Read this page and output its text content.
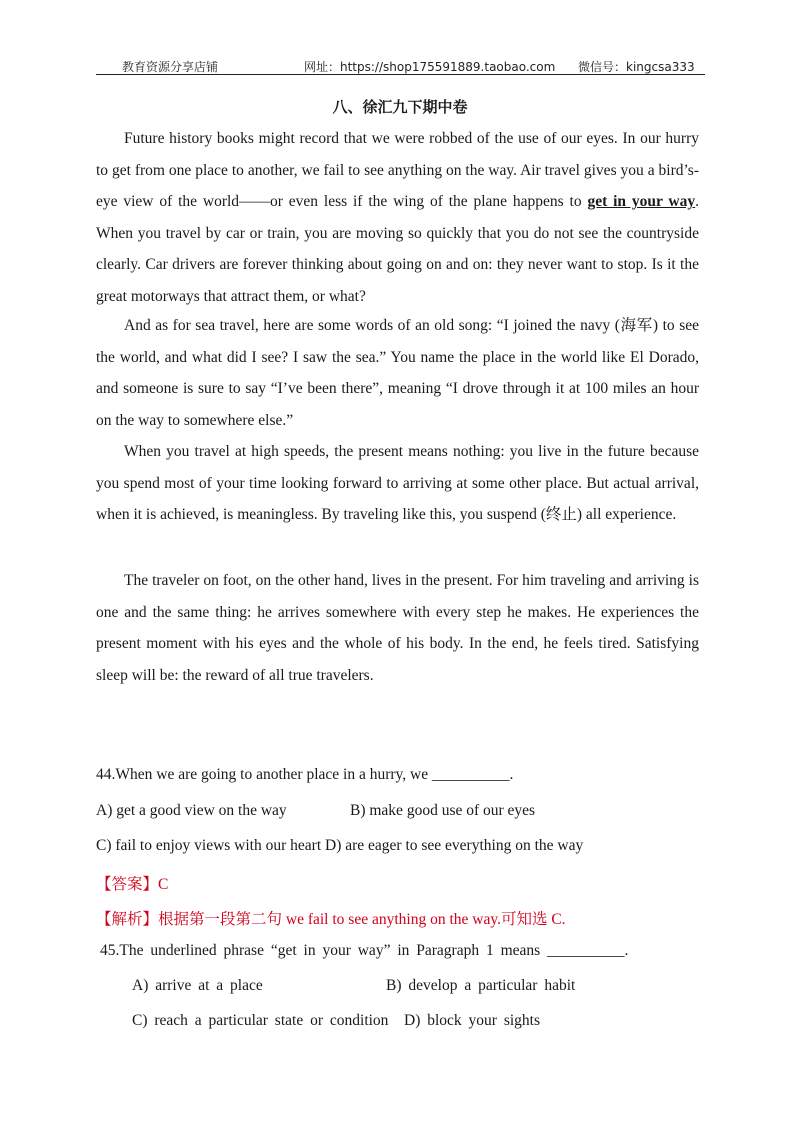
教育资源分享店铺	网址：https://shop175591889.taobao.com 微信号：kingcsa333
八、徐汇九下期中卷

Future history books might record that we were robbed of the use of our eyes. In our hurry to get from one place to another, we fail to see anything on the way. Air travel gives you a bird’s-eye view of the world——or even less if the wing of the plane happens to get in your way. When you travel by car or train, you are moving so quickly that you do not see the countryside clearly. Car drivers are forever thinking about going on and on: they never want to stop. Is it the great motorways that attract them, or what?

And as for sea travel, here are some words of an old song: “I joined the navy (海军) to see the world, and what did I see? I saw the sea.” You name the place in the world like El Dorado, and someone is sure to say “I’ve been there”, meaning “I drove through it at 100 miles an hour on the way to somewhere else.”

When you travel at high speeds, the present means nothing: you live in the future because you spend most of your time looking forward to arriving at some other place. But actual arrival, when it is achieved, is meaningless. By traveling like this, you suspend (终止) all experience.

The traveler on foot, on the other hand, lives in the present. For him traveling and arriving is one and the same thing: he arrives somewhere with every step he makes. He experiences the present moment with his eyes and the whole of his body. In the end, he feels tired. Satisfying sleep will be: the reward of all true travelers.

44.When we are going to another place in a hurry, we __________.
A) get a good view on the way	B) make good use of our eyes
C) fail to enjoy views with our heart D) are eager to see everything on the way
【答案】C
【解析】根据第一段第二句 we fail to see anything on the way.可知选 C.
45.The underlined phrase “get in your way” in Paragraph 1 means __________.
A) arrive at a place	B) develop a particular habit
C) reach a particular state or condition D) block your sights
